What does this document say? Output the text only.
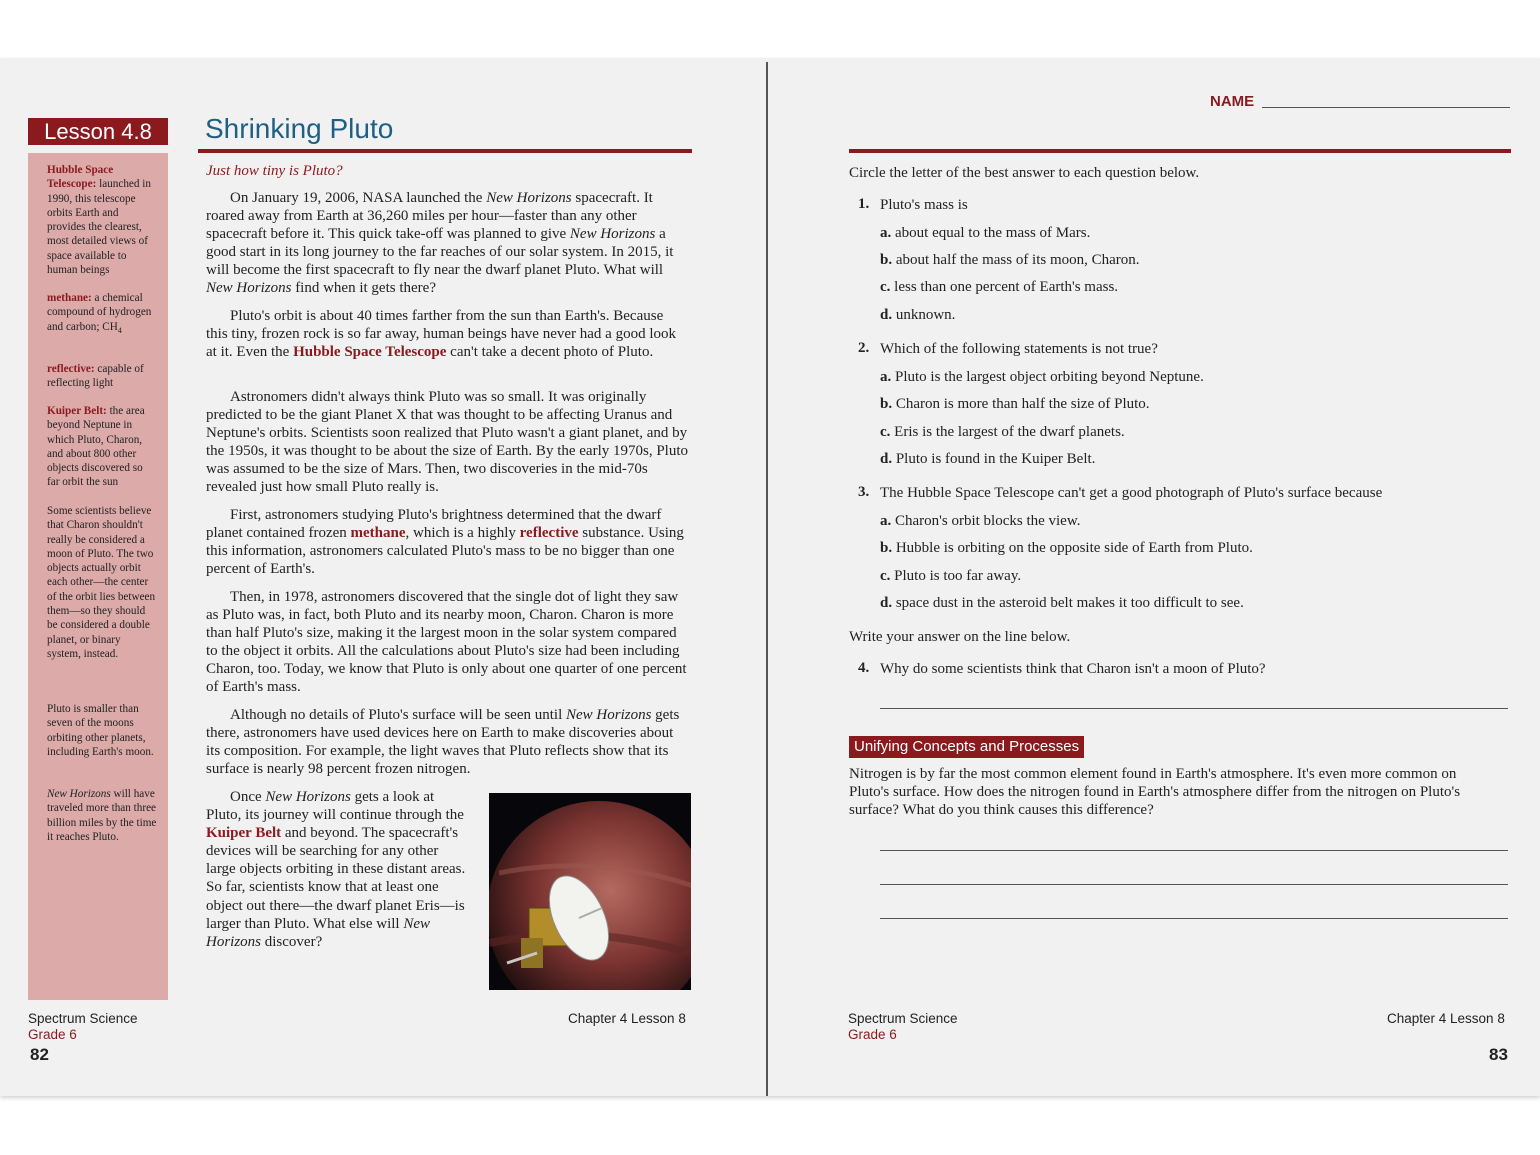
Lesson 4.8	Shrinking Pluto
Hubble Space Telescope: launched in 1990, this telescope orbits Earth and provides the clearest, most detailed views of space available to human beings
methane: a chemical compound of hydrogen and carbon; $CH_4$
reflective: capable of reflecting light
Kuiper Belt: the area beyond Neptune in which Pluto, Charon, and about 800 other objects discovered so far orbit the sun
Some scientists believe that Charon shouldn't really be considered a moon of Pluto. The two objects actually orbit each other—the center of the orbit lies between them—so they should be considered a double planet, or binary system, instead.
Pluto is smaller than seven of the moons orbiting other planets, including Earth's moon.
New Horizons will have traveled more than three billion miles by the time it reaches Pluto.
Just how tiny is Pluto?

On January 19, 2006, NASA launched the New Horizons spacecraft. It roared away from Earth at 36,260 miles per hour—faster than any other spacecraft before it. This quick take-off was planned to give New Horizons a good start in its long journey to the far reaches of our solar system. In 2015, it will become the first spacecraft to fly near the dwarf planet Pluto. What will New Horizons find when it gets there?

Pluto's orbit is about 40 times farther from the sun than Earth's. Because this tiny, frozen rock is so far away, human beings have never had a good look at it. Even the Hubble Space Telescope can't take a decent photo of Pluto.

Astronomers didn't always think Pluto was so small. It was originally predicted to be the giant Planet X that was thought to be affecting Uranus and Neptune's orbits. Scientists soon realized that Pluto wasn't a giant planet, and by the 1950s, it was thought to be about the size of Earth. By the early 1970s, Pluto was assumed to be the size of Mars. Then, two discoveries in the mid-70s revealed just how small Pluto really is.

First, astronomers studying Pluto's brightness determined that the dwarf planet contained frozen methane, which is a highly reflective substance. Using this information, astronomers calculated Pluto's mass to be no bigger than one percent of Earth's.

Then, in 1978, astronomers discovered that the single dot of light they saw as Pluto was, in fact, both Pluto and its nearby moon, Charon. Charon is more than half Pluto's size, making it the largest moon in the solar system compared to the object it orbits. All the calculations about Pluto's size had been including Charon, too. Today, we know that Pluto is only about one quarter of one percent of Earth's mass.

Although no details of Pluto's surface will be seen until New Horizons gets there, astronomers have used devices here on Earth to make discoveries about its composition. For example, the light waves that Pluto reflects show that its surface is nearly 98 percent frozen nitrogen.

Once New Horizons gets a look at Pluto, its journey will continue through the Kuiper Belt and beyond. The spacecraft's devices will be searching for any other large objects orbiting in these distant areas. So far, scientists know that at least one object out there—the dwarf planet Eris—is larger than Pluto. What else will New Horizons discover?

Spectrum Science
Grade 6
82
Chapter 4 Lesson 8
NAME
Circle the letter of the best answer to each question below.
1. Pluto's mass is
a. about equal to the mass of Mars.
b. about half the mass of its moon, Charon.
c. less than one percent of Earth's mass.
d. unknown.
2. Which of the following statements is not true?
a. Pluto is the largest object orbiting beyond Neptune.
b. Charon is more than half the size of Pluto.
c. Eris is the largest of the dwarf planets.
d. Pluto is found in the Kuiper Belt.
3. The Hubble Space Telescope can't get a good photograph of Pluto's surface because
a. Charon's orbit blocks the view.
b. Hubble is orbiting on the opposite side of Earth from Pluto.
c. Pluto is too far away.
d. space dust in the asteroid belt makes it too difficult to see.
Write your answer on the line below.
4. Why do some scientists think that Charon isn't a moon of Pluto?
Unifying Concepts and Processes
Nitrogen is by far the most common element found in Earth's atmosphere. It's even more common on Pluto's surface. How does the nitrogen found in Earth's atmosphere differ from the nitrogen on Pluto's surface? What do you think causes this difference?
Spectrum Science
Grade 6
Chapter 4 Lesson 8
83
